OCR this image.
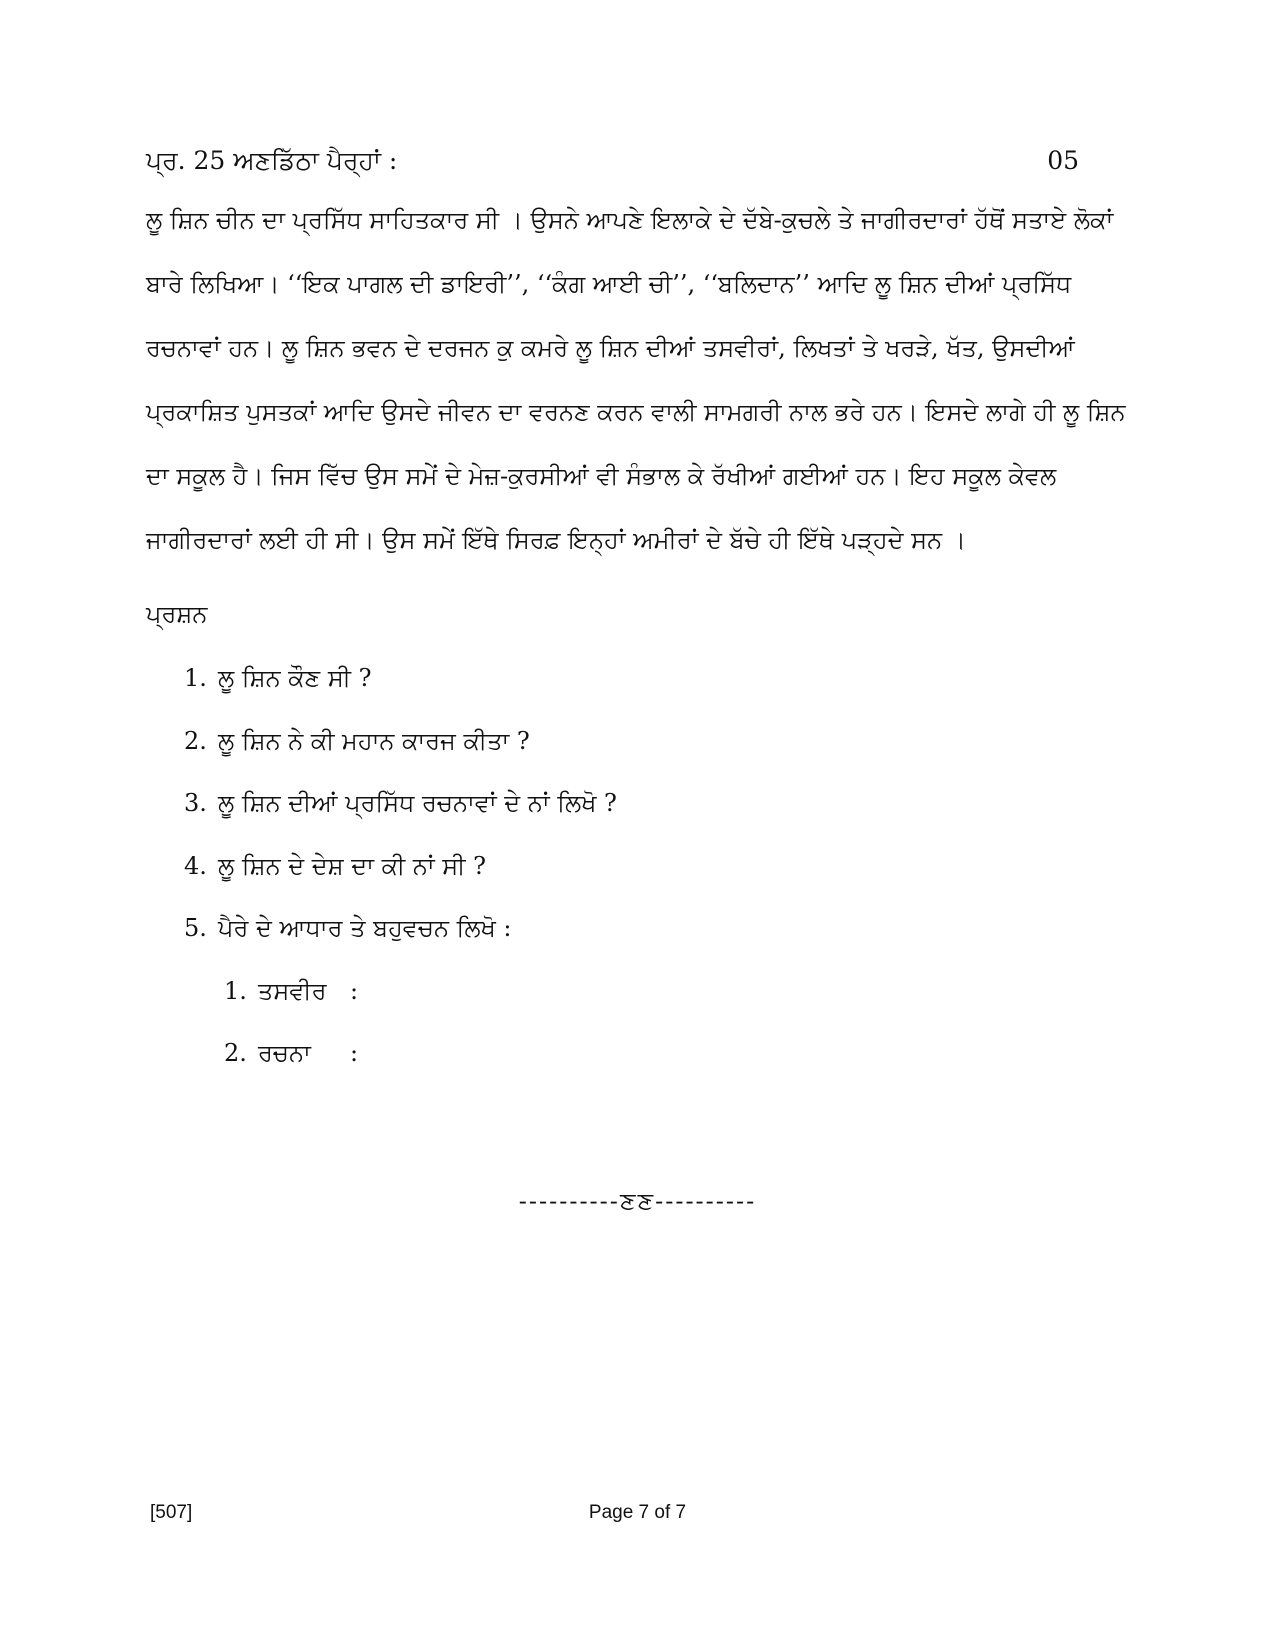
ਪ੍ਰ. 25 ਅਣਡਿੱਠਾ ਪੈਰ੍ਹਾਂ :	05
ਲੂ ਸ਼ਿਨ ਚੀਨ ਦਾ ਪ੍ਰਸਿੱਧ ਸਾਹਿਤਕਾਰ ਸੀ । ਉਸਨੇ ਆਪਣੇ ਇਲਾਕੇ ਦੇ ਦੱਬੇ-ਕੁਚਲੇ ਤੇ ਜਾਗੀਰਦਾਰਾਂ ਹੱਥੋਂ ਸਤਾਏ ਲੋਕਾਂ
ਬਾਰੇ ਲਿਖਿਆ। ‘‘ਇਕ ਪਾਗਲ ਦੀ ਡਾਇਰੀ’’, ‘‘ਕੰਗ ਆਈ ਚੀ’’, ‘‘ਬਲਿਦਾਨ’’ ਆਦਿ ਲੂ ਸ਼ਿਨ ਦੀਆਂ ਪ੍ਰਸਿੱਧ
ਰਚਨਾਵਾਂ ਹਨ। ਲੂ ਸ਼ਿਨ ਭਵਨ ਦੇ ਦਰਜਨ ਕੁ ਕਮਰੇ ਲੂ ਸ਼ਿਨ ਦੀਆਂ ਤਸਵੀਰਾਂ, ਲਿਖਤਾਂ ਤੇ ਖਰੜੇ, ਖੱਤ, ਉਸਦੀਆਂ
ਪ੍ਰਕਾਸ਼ਿਤ ਪੁਸਤਕਾਂ ਆਦਿ ਉਸਦੇ ਜੀਵਨ ਦਾ ਵਰਨਣ ਕਰਨ ਵਾਲੀ ਸਾਮਗਰੀ ਨਾਲ ਭਰੇ ਹਨ। ਇਸਦੇ ਲਾਗੇ ਹੀ ਲੂ ਸ਼ਿਨ
ਦਾ ਸਕੂਲ ਹੈ। ਜਿਸ ਵਿੱਚ ਉਸ ਸਮੇਂ ਦੇ ਮੇਜ਼-ਕੁਰਸੀਆਂ ਵੀ ਸੰਭਾਲ ਕੇ ਰੱਖੀਆਂ ਗਈਆਂ ਹਨ। ਇਹ ਸਕੂਲ ਕੇਵਲ
ਜਾਗੀਰਦਾਰਾਂ ਲਈ ਹੀ ਸੀ। ਉਸ ਸਮੇਂ ਇੱਥੇ ਸਿਰਫ਼ ਇਨ੍ਹਾਂ ਅਮੀਰਾਂ ਦੇ ਬੱਚੇ ਹੀ ਇੱਥੇ ਪੜ੍ਹਦੇ ਸਨ ।
ਪ੍ਰਸ਼ਨ
1. ਲੂ ਸ਼ਿਨ ਕੌਣ ਸੀ ?
2. ਲੂ ਸ਼ਿਨ ਨੇ ਕੀ ਮਹਾਨ ਕਾਰਜ ਕੀਤਾ ?
3. ਲੂ ਸ਼ਿਨ ਦੀਆਂ ਪ੍ਰਸਿੱਧ ਰਚਨਾਵਾਂ ਦੇ ਨਾਂ ਲਿਖੋ ?
4. ਲੂ ਸ਼ਿਨ ਦੇ ਦੇਸ਼ ਦਾ ਕੀ ਨਾਂ ਸੀ ?
5. ਪੈਰੇ ਦੇ ਆਧਾਰ ਤੇ ਬਹੁਵਚਨ ਲਿਖੋ :
1. ਤਸਵੀਰ :
2. ਰਚਨਾ :
----------ਣਣ----------
[507]	Page 7 of 7
